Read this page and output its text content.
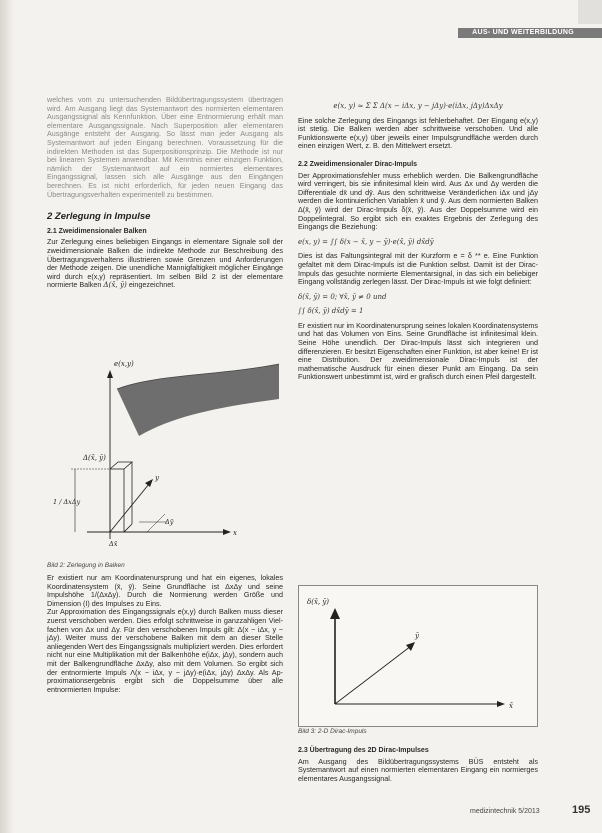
AUS- UND WEITERBILDUNG

welches vom zu untersuchenden Bildübertragungssystem übertragen wird. Am Ausgang liegt das Systemantwort des normierten elementaren Ausgangssignal als Kennfunktion. Über eine Entnormierung erhält man elementare Ausgangssignale. Nach Superposition aller elementaren Ausgänge entsteht der Ausgang. So lässt man jeder Ausgang als Systemantwort auf jeden Eingang berechnen. Voraussetzung für die indirekten Methoden ist das Superpositionsprinzip. Die Methode ist nur bei linearen Systemen anwendbar. Mit Kenntnis einer einzigen Funktion, nämlich der Systemantwort auf ein normiertes elementares Eingangssignal, lassen sich alle Ausgänge aus den Eingängen berechnen. Es ist nicht erforderlich, für jeden neuen Eingang das Übertragungsverhalten experimentell zu bestimmen.

2 Zerlegung in Impulse
2.1 Zweidimensionaler Balken

Zur Zerlegung eines beliebigen Eingangs in elementare Signale soll der zweidimensionale Balken die indirekte Methode zur Beschreibung des Übertragungsverhaltens illustrieren sowie Grenzen und Anforderungen der Methode zeigen. Die unendliche Mannigfaltigkeit möglicher Eingänge wird durch e(x,y) repräsentiert. Im selben Bild 2 ist der elementare normierte Balken Δ(x̄, ȳ) eingezeichnet.

e(x,y)
Δ(x̄, ȳ)
1 / ΔxΔy
y
x
Δȳ
Δx̄
Bild 2: Zerlegung in Balken

Er existiert nur am Koordinatenursprung und hat ein eigenes, lokales Koordinatensystem (x̄, ȳ). Seine Grundfläche ist ΔxΔy und seine Impulshöhe 1/(ΔxΔy). Durch die Normierung werden Größe und Dimension (I) des Impulses zu Eins.

Zur Approximation des Eingangssignals e(x,y) durch Balken muss dieser zuerst verschoben werden. Dies erfolgt schrittweise in ganzzahligen Vielfachen von Δx und Δy. Für den verschobenen Impuls gilt: Δ(x − iΔx, y − jΔy). Weiter muss der verschobene Balken mit dem an dieser Stelle anliegenden Wert des Eingangssignals multipliziert werden. Dies erfordert nicht nur eine Multiplikation mit der Balkenhöhe e(iΔx, jΔy), sondern auch mit der Balkengrundfläche ΔxΔy, also mit dem Volumen. So ergibt sich der entnormierte Impuls Λ(x − iΔx, y − jΔy)·e(iΔx, jΔy) ΔxΔy. Als Approximationsergebnis ergibt sich die Doppelsumme über alle entnormierten Impulse:

e(x, y) ≈ Σ Σ Δ(x − iΔx, y − jΔy)·e(iΔx, jΔy)ΔxΔy

Eine solche Zerlegung des Eingangs ist fehlerbehaftet. Der Eingang e(x,y) ist stetig. Die Balken werden aber schrittweise verschoben. Und alle Funktionswerte e(x,y) über jeweils einer Impulsgrundfläche werden durch einen einzigen Wert, z. B. den Mittelwert ersetzt.

2.2 Zweidimensionaler Dirac-Impuls

Der Approximationsfehler muss erheblich werden. Die Balkengrundfläche wird verringert, bis sie infinitesimal klein wird. Aus Δx und Δy werden die Differentiale dx̄ und dȳ. Aus den schrittweise Veränderlichen iΔx und jΔy werden die kontinuierlichen Variablen x̄ und ȳ. Aus dem normierten Balken Δ(x̄, ȳ) wird der Dirac-Impuls δ(x̄, ȳ). Aus der Doppelsumme wird ein Doppelintegral. So ergibt sich ein exaktes Ergebnis der Zerlegung des Eingangs die Beziehung:

e(x, y) = ∫∫ δ(x − x̄, y − ȳ)·e(x̄, ȳ) dx̄dȳ

Dies ist das Faltungsintegral mit der Kurzform e = δ ** e. Eine Funktion gefaltet mit dem Dirac-Impuls ist die Funktion selbst. Damit ist der Dirac-Impuls das gesuchte normierte Elementarsignal, in das sich ein beliebiger Eingang vollständig zerlegen lässt. Der Dirac-Impuls ist wie folgt definiert:

δ(x̄, ȳ) = 0; ∀x̄, ȳ ≠ 0 und
∫∫ δ(x̄, ȳ) dx̄dȳ = 1

Er existiert nur im Koordinatenursprung seines lokalen Koordinatensystems und hat das Volumen von Eins. Seine Grundfläche ist infinitesimal klein. Seine Höhe unendlich. Der Dirac-Impuls lässt sich integrieren und differenzieren. Er besitzt Eigenschaften einer Funktion, ist aber keine! Er ist eine Distribution. Der zweidimensionale Dirac-Impuls ist der mathematische Ausdruck für einen dieser Punkt am Eingang. Da sein Funktionswert unbestimmt ist, wird er grafisch durch einen Pfeil dargestellt.

δ(x̄, ȳ)
ȳ
x̄
Bild 3: 2-D Dirac-Impuls
2.3 Übertragung des 2D Dirac-Impulses

Am Ausgang des Bildübertragungssystems BÜS entsteht als Systemantwort auf einen normierten elementaren Eingang ein normierges elementares Ausgangssignal.

medizintechnik 5/2013	195
